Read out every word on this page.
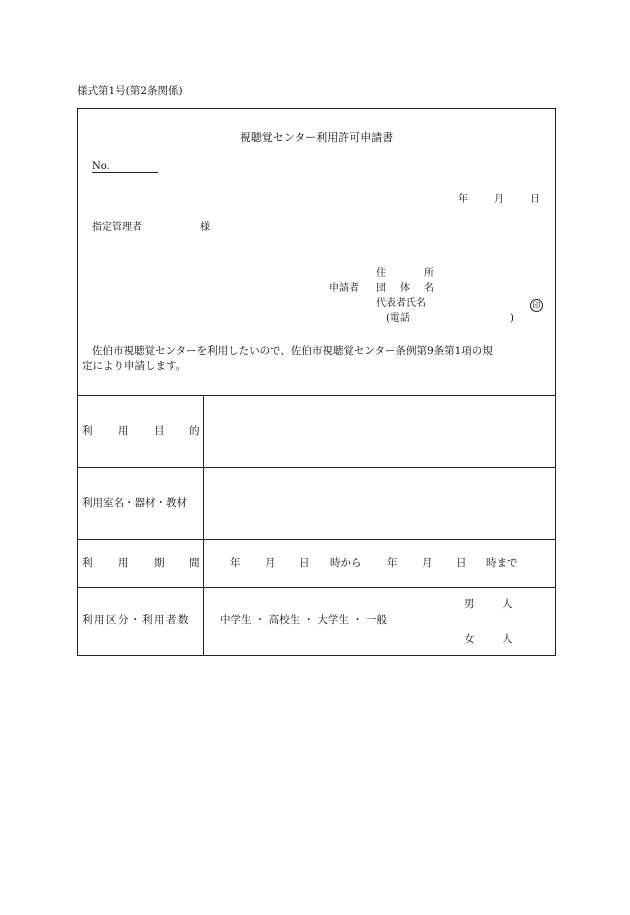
様式第1号(第2条関係)
視聴覚センター利用許可申請書
No.
年	月	日
指定管理者	様
住	所
申請者 団 体 名
代表者氏名	印
(電話	)
佐伯市視聴覚センターを利用したいので、佐伯市視聴覚センター条例第9条第1項の規
定により申請します。
利 用 目 的
利用室名・器材・教材
利 用 期 間	年 月 日 時から 年 月 日 時まで
利用区分・利用者数	中学生 ・ 高校生 ・ 大学生 ・ 一般
男	人
女	人
